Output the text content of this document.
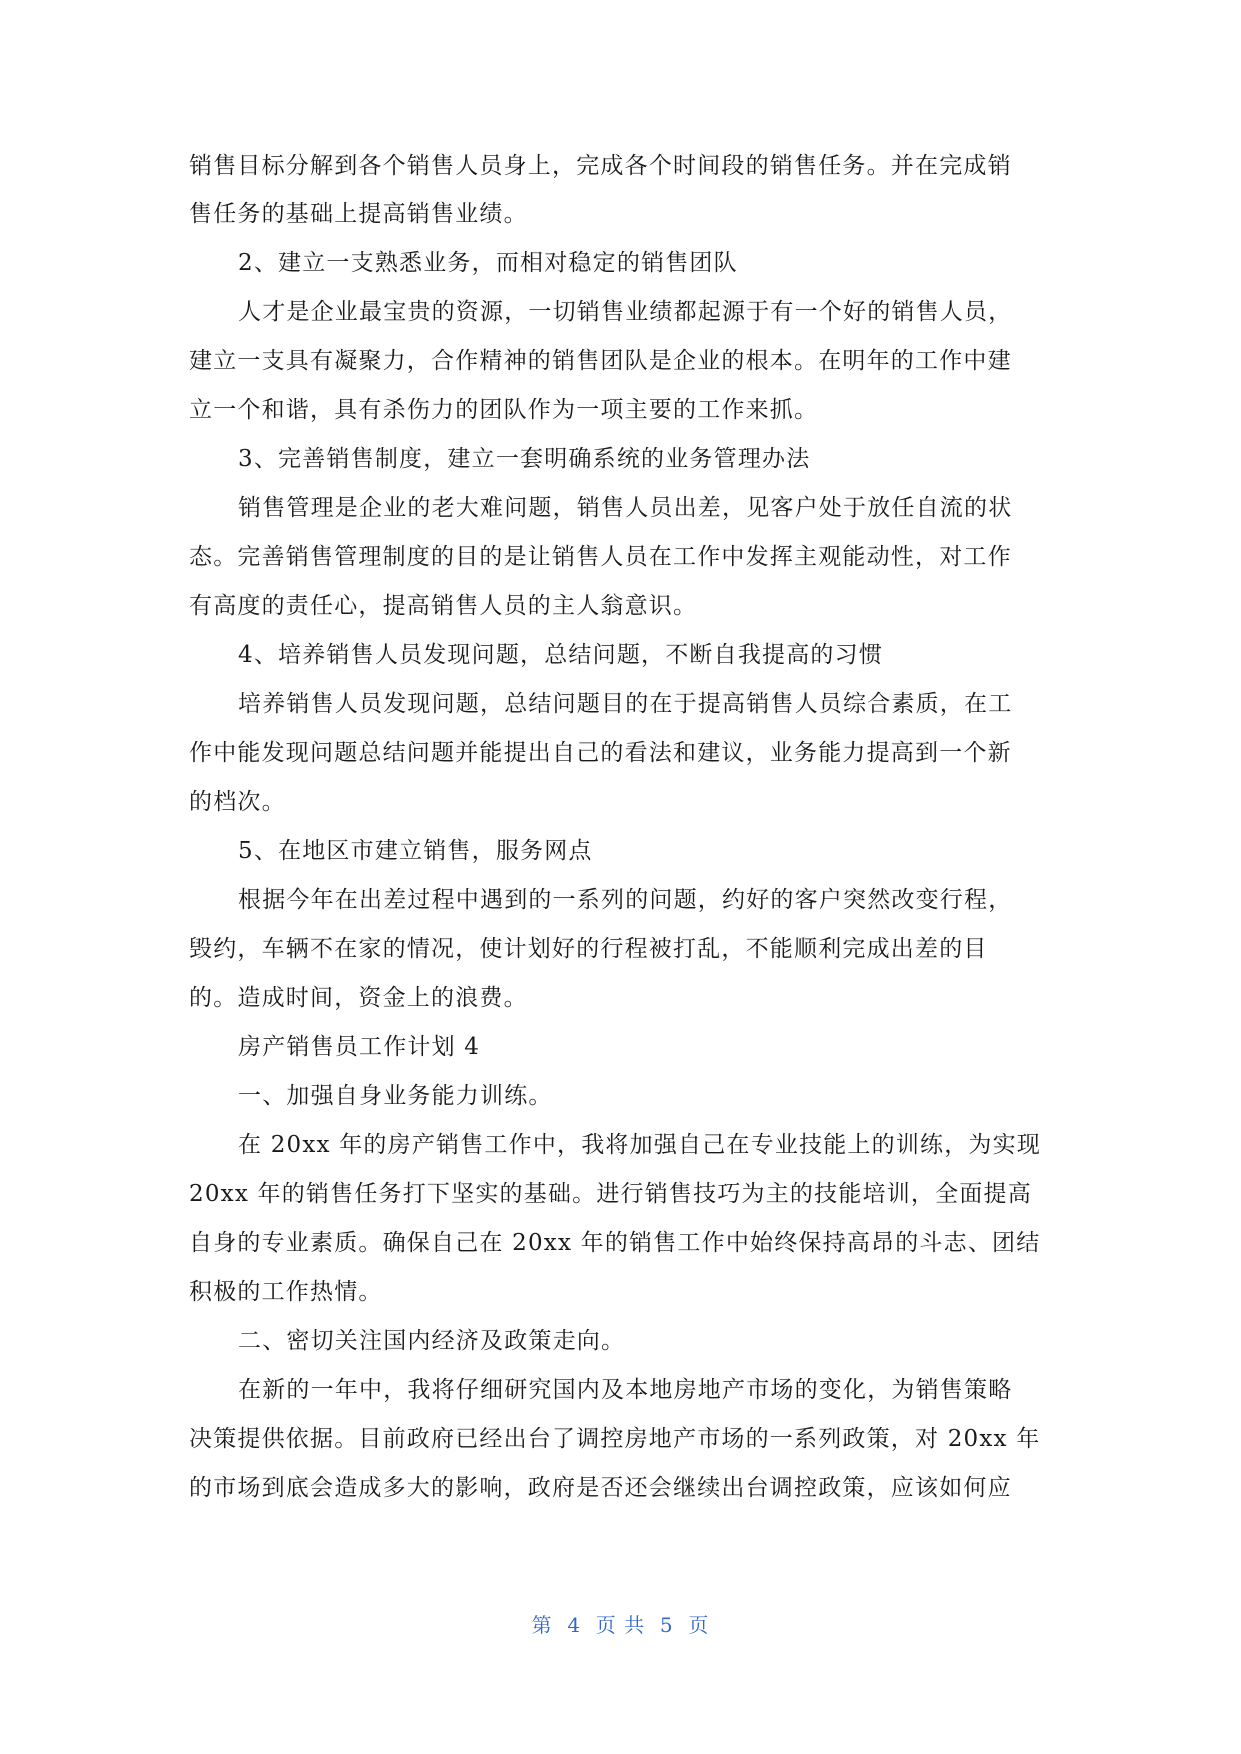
销售目标分解到各个销售人员身上，完成各个时间段的销售任务。并在完成销
售任务的基础上提高销售业绩。
2、建立一支熟悉业务，而相对稳定的销售团队
人才是企业最宝贵的资源，一切销售业绩都起源于有一个好的销售人员，
建立一支具有凝聚力，合作精神的销售团队是企业的根本。在明年的工作中建
立一个和谐，具有杀伤力的团队作为一项主要的工作来抓。
3、完善销售制度，建立一套明确系统的业务管理办法
销售管理是企业的老大难问题，销售人员出差，见客户处于放任自流的状
态。完善销售管理制度的目的是让销售人员在工作中发挥主观能动性，对工作
有高度的责任心，提高销售人员的主人翁意识。
4、培养销售人员发现问题，总结问题，不断自我提高的习惯
培养销售人员发现问题，总结问题目的在于提高销售人员综合素质，在工
作中能发现问题总结问题并能提出自己的看法和建议，业务能力提高到一个新
的档次。
5、在地区市建立销售，服务网点
根据今年在出差过程中遇到的一系列的问题，约好的客户突然改变行程，
毁约，车辆不在家的情况，使计划好的行程被打乱，不能顺利完成出差的目
的。造成时间，资金上的浪费。
房产销售员工作计划 4
一、加强自身业务能力训练。
在 20xx 年的房产销售工作中，我将加强自己在专业技能上的训练，为实现
20xx 年的销售任务打下坚实的基础。进行销售技巧为主的技能培训，全面提高
自身的专业素质。确保自己在 20xx 年的销售工作中始终保持高昂的斗志、团结
积极的工作热情。
二、密切关注国内经济及政策走向。
在新的一年中，我将仔细研究国内及本地房地产市场的变化，为销售策略
决策提供依据。目前政府已经出台了调控房地产市场的一系列政策，对 20xx 年
的市场到底会造成多大的影响，政府是否还会继续出台调控政策，应该如何应
第  4  页 共  5  页
